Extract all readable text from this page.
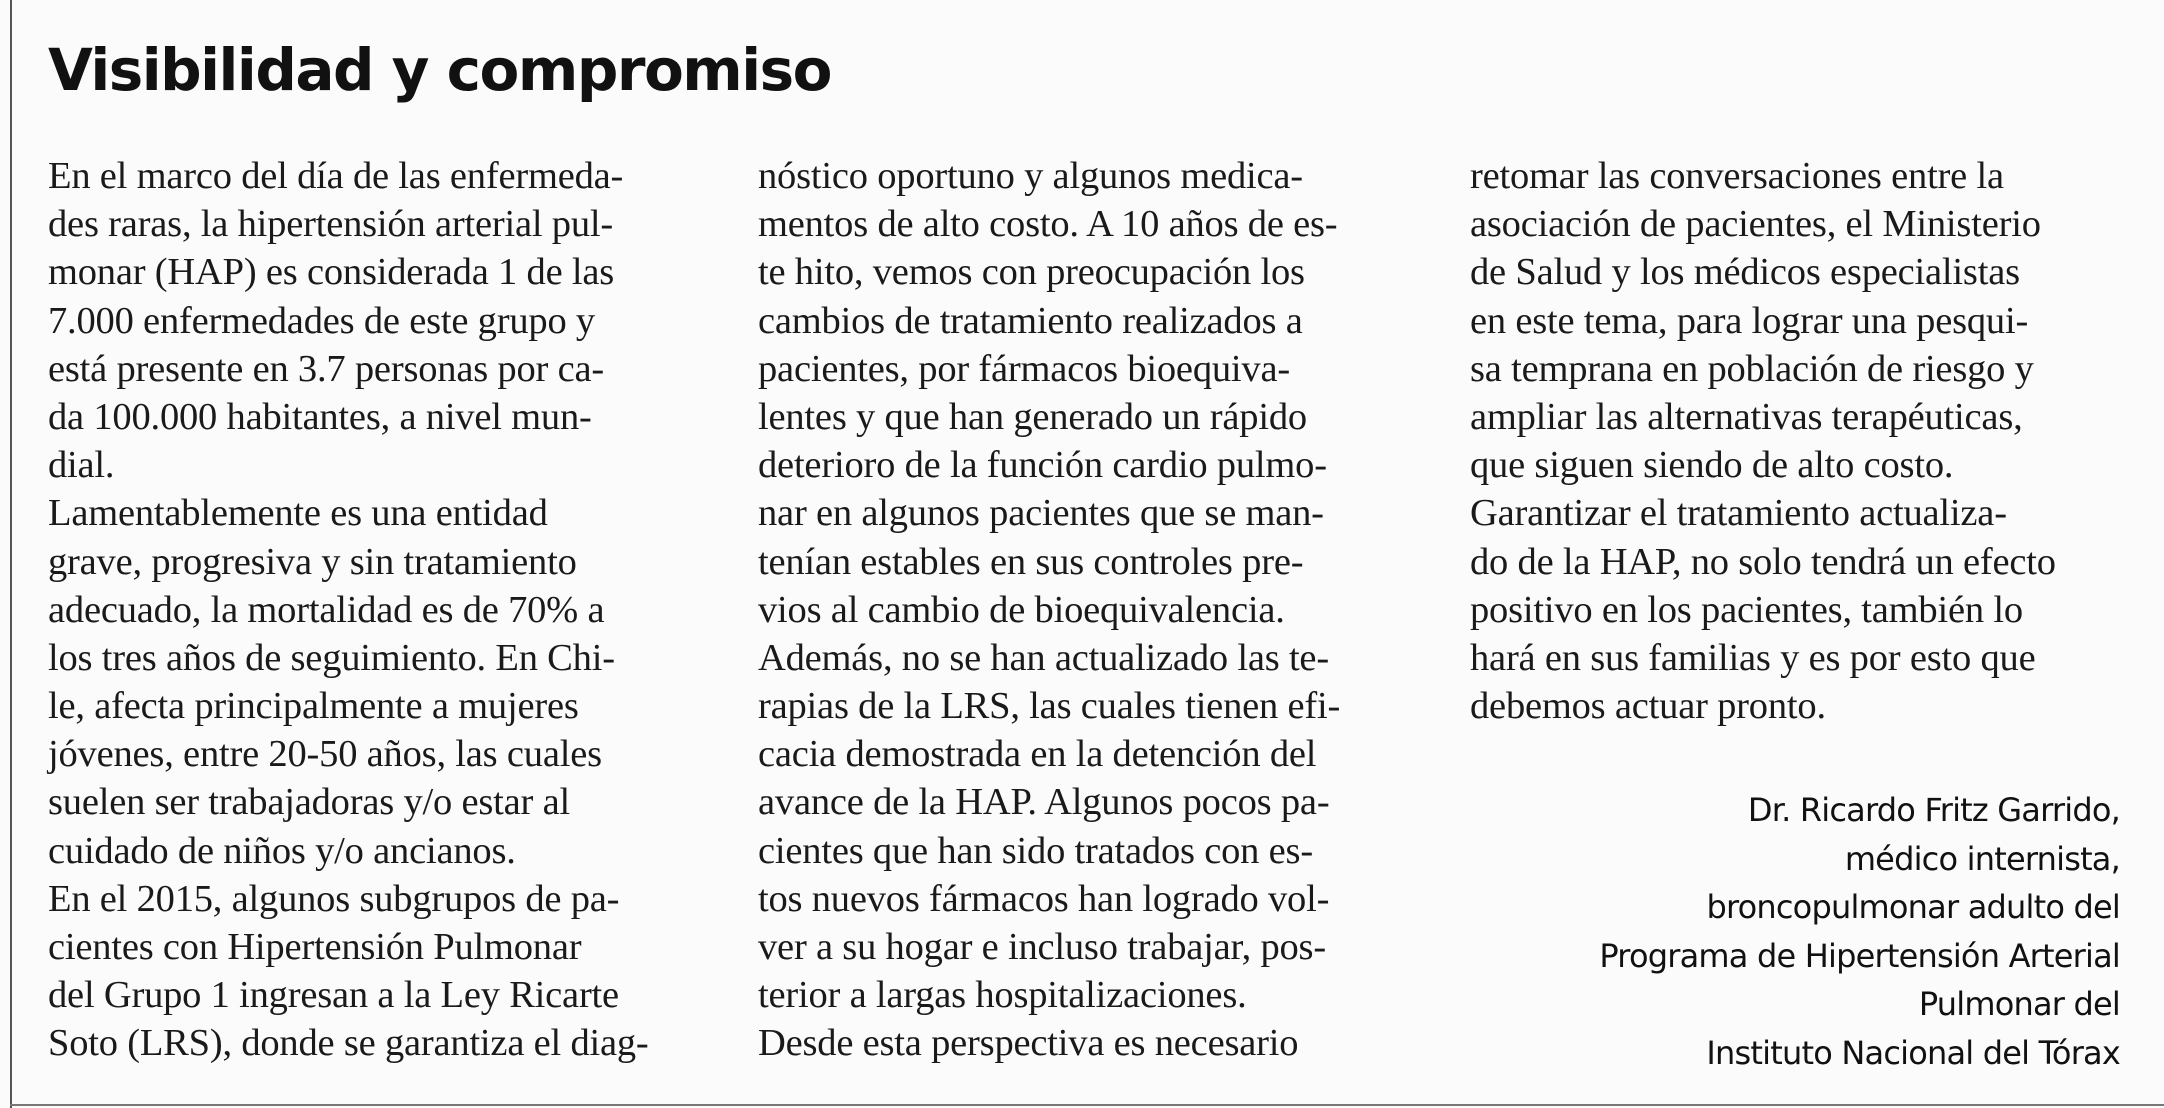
Visibilidad y compromiso
En el marco del día de las enfermeda-
des raras, la hipertensión arterial pul-
monar (HAP) es considerada 1 de las
7.000 enfermedades de este grupo y
está presente en 3.7 personas por ca-
da 100.000 habitantes, a nivel mun-
dial.
Lamentablemente es una entidad
grave, progresiva y sin tratamiento
adecuado, la mortalidad es de 70% a
los tres años de seguimiento. En Chi-
le, afecta principalmente a mujeres
jóvenes, entre 20-50 años, las cuales
suelen ser trabajadoras y/o estar al
cuidado de niños y/o ancianos.
En el 2015, algunos subgrupos de pa-
cientes con Hipertensión Pulmonar
del Grupo 1 ingresan a la Ley Ricarte
Soto (LRS), donde se garantiza el diag-
nóstico oportuno y algunos medica-
mentos de alto costo. A 10 años de es-
te hito, vemos con preocupación los
cambios de tratamiento realizados a
pacientes, por fármacos bioequiva-
lentes y que han generado un rápido
deterioro de la función cardio pulmo-
nar en algunos pacientes que se man-
tenían estables en sus controles pre-
vios al cambio de bioequivalencia.
Además, no se han actualizado las te-
rapias de la LRS, las cuales tienen efi-
cacia demostrada en la detención del
avance de la HAP. Algunos pocos pa-
cientes que han sido tratados con es-
tos nuevos fármacos han logrado vol-
ver a su hogar e incluso trabajar, pos-
terior a largas hospitalizaciones.
Desde esta perspectiva es necesario
retomar las conversaciones entre la
asociación de pacientes, el Ministerio
de Salud y los médicos especialistas
en este tema, para lograr una pesqui-
sa temprana en población de riesgo y
ampliar las alternativas terapéuticas,
que siguen siendo de alto costo.
Garantizar el tratamiento actualiza-
do de la HAP, no solo tendrá un efecto
positivo en los pacientes, también lo
hará en sus familias y es por esto que
debemos actuar pronto.
Dr. Ricardo Fritz Garrido,
médico internista,
broncopulmonar adulto del
Programa de Hipertensión Arterial
Pulmonar del
Instituto Nacional del Tórax
